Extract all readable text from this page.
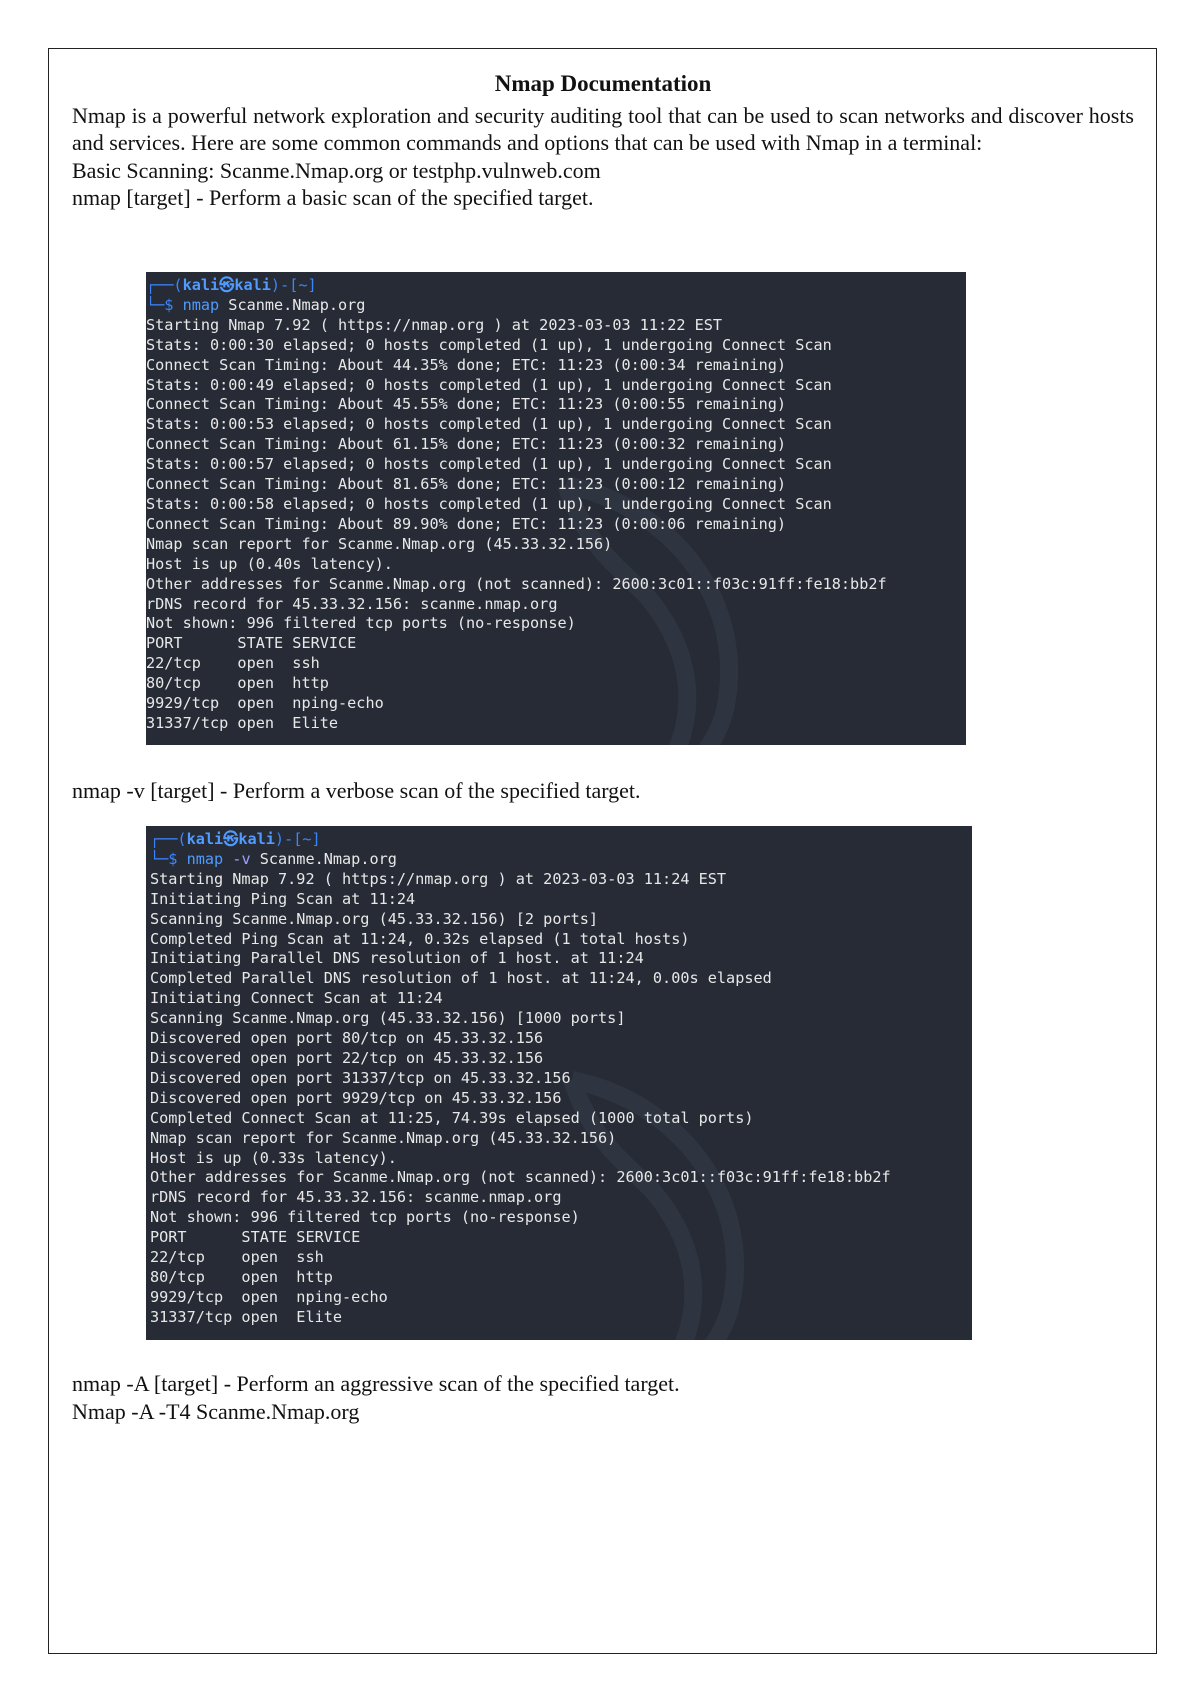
Nmap Documentation

Nmap is a powerful network exploration and security auditing tool that can be used to scan networks and discover hosts and services. Here are some common commands and options that can be used with Nmap in a terminal:

Basic Scanning: Scanme.Nmap.org or testphp.vulnweb.com

nmap [target] - Perform a basic scan of the specified target.

┌──(kali㉿kali)-[~]
└─$ nmap Scanme.Nmap.org
Starting Nmap 7.92 ( https://nmap.org ) at 2023-03-03 11:22 EST
Stats: 0:00:30 elapsed; 0 hosts completed (1 up), 1 undergoing Connect Scan
Connect Scan Timing: About 44.35% done; ETC: 11:23 (0:00:34 remaining)
Stats: 0:00:49 elapsed; 0 hosts completed (1 up), 1 undergoing Connect Scan
Connect Scan Timing: About 45.55% done; ETC: 11:23 (0:00:55 remaining)
Stats: 0:00:53 elapsed; 0 hosts completed (1 up), 1 undergoing Connect Scan
Connect Scan Timing: About 61.15% done; ETC: 11:23 (0:00:32 remaining)
Stats: 0:00:57 elapsed; 0 hosts completed (1 up), 1 undergoing Connect Scan
Connect Scan Timing: About 81.65% done; ETC: 11:23 (0:00:12 remaining)
Stats: 0:00:58 elapsed; 0 hosts completed (1 up), 1 undergoing Connect Scan
Connect Scan Timing: About 89.90% done; ETC: 11:23 (0:00:06 remaining)
Nmap scan report for Scanme.Nmap.org (45.33.32.156)
Host is up (0.40s latency).
Other addresses for Scanme.Nmap.org (not scanned): 2600:3c01::f03c:91ff:fe18:bb2f
rDNS record for 45.33.32.156: scanme.nmap.org
Not shown: 996 filtered tcp ports (no-response)
PORT      STATE SERVICE
22/tcp    open  ssh
80/tcp    open  http
9929/tcp  open  nping-echo
31337/tcp open  Elite
nmap -v [target] - Perform a verbose scan of the specified target.
┌──(kali㉿kali)-[~]
└─$ nmap -v Scanme.Nmap.org
Starting Nmap 7.92 ( https://nmap.org ) at 2023-03-03 11:24 EST
Initiating Ping Scan at 11:24
Scanning Scanme.Nmap.org (45.33.32.156) [2 ports]
Completed Ping Scan at 11:24, 0.32s elapsed (1 total hosts)
Initiating Parallel DNS resolution of 1 host. at 11:24
Completed Parallel DNS resolution of 1 host. at 11:24, 0.00s elapsed
Initiating Connect Scan at 11:24
Scanning Scanme.Nmap.org (45.33.32.156) [1000 ports]
Discovered open port 80/tcp on 45.33.32.156
Discovered open port 22/tcp on 45.33.32.156
Discovered open port 31337/tcp on 45.33.32.156
Discovered open port 9929/tcp on 45.33.32.156
Completed Connect Scan at 11:25, 74.39s elapsed (1000 total ports)
Nmap scan report for Scanme.Nmap.org (45.33.32.156)
Host is up (0.33s latency).
Other addresses for Scanme.Nmap.org (not scanned): 2600:3c01::f03c:91ff:fe18:bb2f
rDNS record for 45.33.32.156: scanme.nmap.org
Not shown: 996 filtered tcp ports (no-response)
PORT      STATE SERVICE
22/tcp    open  ssh
80/tcp    open  http
9929/tcp  open  nping-echo
31337/tcp open  Elite
nmap -A [target] - Perform an aggressive scan of the specified target.
Nmap -A -T4 Scanme.Nmap.org
